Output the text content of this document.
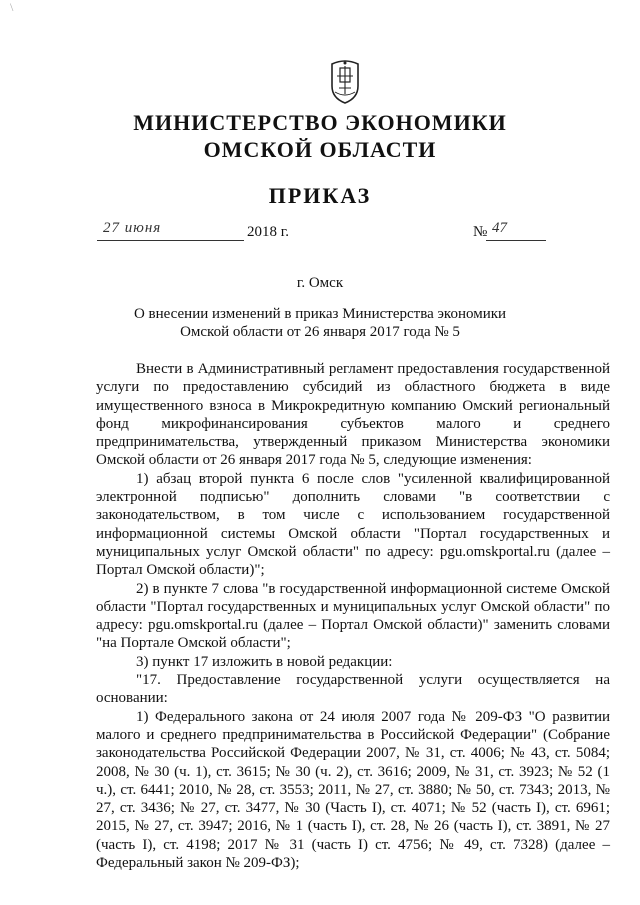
\
МИНИСТЕРСТВО ЭКОНОМИКИ
ОМСКОЙ ОБЛАСТИ
ПРИКАЗ
27 июня	2018 г.	№ 47
г. Омск
О внесении изменений в приказ Министерства экономики
Омской области от 26 января 2017 года № 5

Внести в Административный регламент предоставления государственной услуги по предоставлению субсидий из областного бюджета в виде имущественного взноса в Микрокредитную компанию Омский региональный фонд микрофинансирования субъектов малого и среднего предпринимательства, утвержденный приказом Министерства экономики Омской области от 26 января 2017 года № 5, следующие изменения:

1) абзац второй пункта 6 после слов "усиленной квалифицированной электронной подписью" дополнить словами "в соответствии с законодательством, в том числе с использованием государственной информационной системы Омской области "Портал государственных и муниципальных услуг Омской области" по адресу: pgu.omskportal.ru (далее – Портал Омской области)";

2) в пункте 7 слова "в государственной информационной системе Омской области "Портал государственных и муниципальных услуг Омской области" по адресу: pgu.omskportal.ru (далее – Портал Омской области)" заменить словами "на Портале Омской области";

3) пункт 17 изложить в новой редакции:

"17. Предоставление государственной услуги осуществляется на основании:

1) Федерального закона от 24 июля 2007 года № 209-ФЗ "О развитии малого и среднего предпринимательства в Российской Федерации" (Собрание законодательства Российской Федерации 2007, № 31, ст. 4006; № 43, ст. 5084; 2008, № 30 (ч. 1), ст. 3615; № 30 (ч. 2), ст. 3616; 2009, № 31, ст. 3923; № 52 (1 ч.), ст. 6441; 2010, № 28, ст. 3553; 2011, № 27, ст. 3880; № 50, ст. 7343; 2013, № 27, ст. 3436; № 27, ст. 3477, № 30 (Часть I), ст. 4071; № 52 (часть I), ст. 6961; 2015, № 27, ст. 3947; 2016, № 1 (часть I), ст. 28, № 26 (часть I), ст. 3891, № 27 (часть I), ст. 4198; 2017 № 31 (часть I) ст. 4756; № 49, ст. 7328) (далее – Федеральный закон № 209-ФЗ);
